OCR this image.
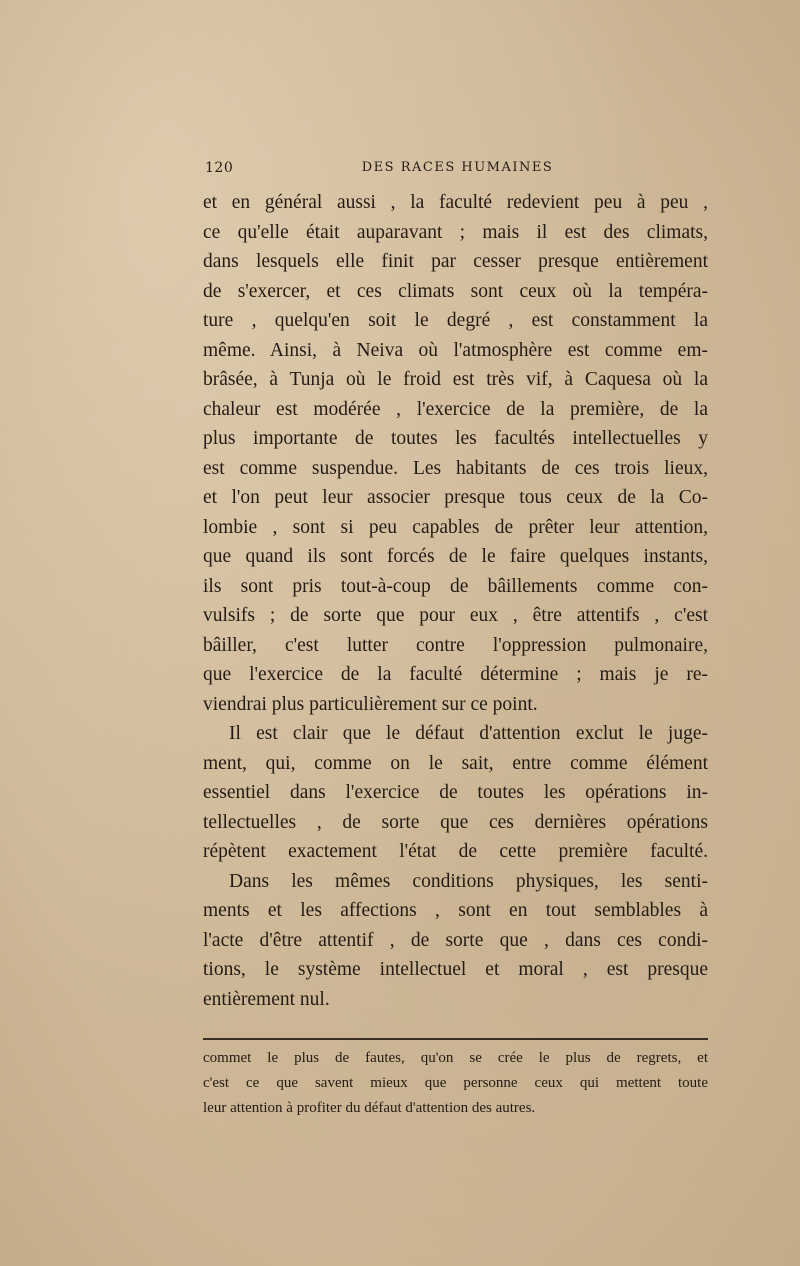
120	DES RACES HUMAINES
et en général aussi , la faculté redevient peu à peu ,
ce qu'elle était auparavant ; mais il est des climats,
dans lesquels elle finit par cesser presque entièrement
de s'exercer, et ces climats sont ceux où la tempéra-
ture , quelqu'en soit le degré , est constamment la
même. Ainsi, à Neiva où l'atmosphère est comme em-
brâsée, à Tunja où le froid est très vif, à Caquesa où la
chaleur est modérée , l'exercice de la première, de la
plus importante de toutes les facultés intellectuelles y
est comme suspendue. Les habitants de ces trois lieux,
et l'on peut leur associer presque tous ceux de la Co-
lombie , sont si peu capables de prêter leur attention,
que quand ils sont forcés de le faire quelques instants,
ils sont pris tout-à-coup de bâillements comme con-
vulsifs ; de sorte que pour eux , être attentifs , c'est
bâiller, c'est lutter contre l'oppression pulmonaire,
que l'exercice de la faculté détermine ; mais je re-
viendrai plus particulièrement sur ce point.
Il est clair que le défaut d'attention exclut le juge-
ment, qui, comme on le sait, entre comme élément
essentiel dans l'exercice de toutes les opérations in-
tellectuelles , de sorte que ces dernières opérations
répètent exactement l'état de cette première faculté.
Dans les mêmes conditions physiques, les senti-
ments et les affections , sont en tout semblables à
l'acte d'être attentif , de sorte que , dans ces condi-
tions, le système intellectuel et moral , est presque
entièrement nul.
commet le plus de fautes, qu'on se crée le plus de regrets, et
c'est ce que savent mieux que personne ceux qui mettent toute
leur attention à profiter du défaut d'attention des autres.
